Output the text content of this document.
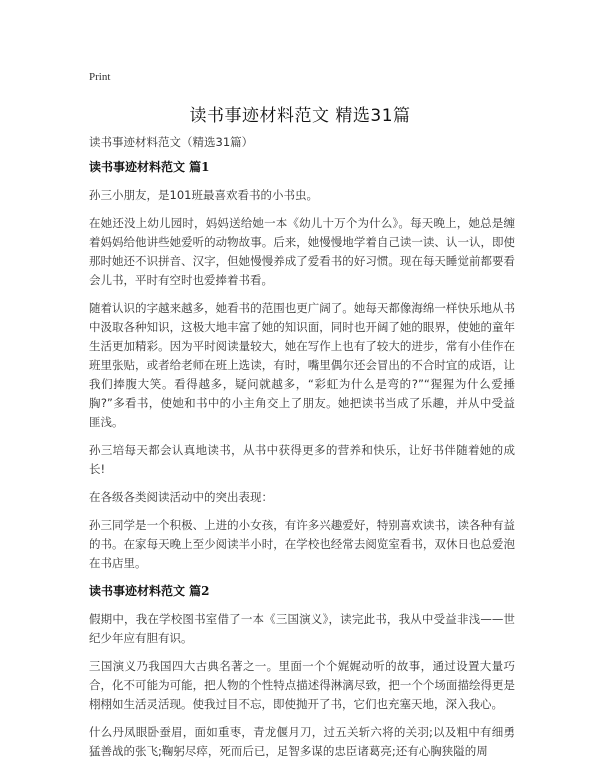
Print
读书事迹材料范文 精选31篇
读书事迹材料范文（精选31篇）
读书事迹材料范文 篇1

孙三小朋友，是101班最喜欢看书的小书虫。

在她还没上幼儿园时，妈妈送给她一本《幼儿十万个为什么》。每天晚上，她总是缠着妈妈给他讲些她爱听的动物故事。后来，她慢慢地学着自己读一读、认一认，即使那时她还不识拼音、汉字，但她慢慢养成了爱看书的好习惯。现在每天睡觉前都要看会儿书，平时有空时也爱捧着书看。

随着认识的字越来越多，她看书的范围也更广阔了。她每天都像海绵一样快乐地从书中汲取各种知识，这极大地丰富了她的知识面，同时也开阔了她的眼界，使她的童年生活更加精彩。因为平时阅读量较大，她在写作上也有了较大的进步，常有小佳作在班里张贴，或者给老师在班上选读，有时，嘴里偶尔还会冒出的不合时宜的成语，让我们捧腹大笑。看得越多，疑问就越多，“彩虹为什么是弯的?”“猩猩为什么爱捶胸?”多看书，使她和书中的小主角交上了朋友。她把读书当成了乐趣，并从中受益匪浅。

孙三培每天都会认真地读书，从书中获得更多的营养和快乐，让好书伴随着她的成长!

在各级各类阅读活动中的突出表现：

孙三同学是一个积极、上进的小女孩，有许多兴趣爱好，特别喜欢读书，读各种有益的书。在家每天晚上至少阅读半小时，在学校也经常去阅览室看书，双休日也总爱泡在书店里。

读书事迹材料范文 篇2

假期中，我在学校图书室借了一本《三国演义》，读完此书，我从中受益非浅——世纪少年应有胆有识。

三国演义乃我国四大古典名著之一。里面一个个娓娓动听的故事，通过设置大量巧合，化不可能为可能，把人物的个性特点描述得淋漓尽致，把一个个场面描绘得更是栩栩如生活灵活现。使我过目不忘，即使抛开了书，它们也充塞天地，深入我心。

什么丹凤眼卧蚕眉，面如重枣，青龙偃月刀，过五关斩六将的关羽;以及粗中有细勇猛善战的张飞;鞠躬尽瘁，死而后已，足智多谋的忠臣诸葛亮;还有心胸狭隘的周
